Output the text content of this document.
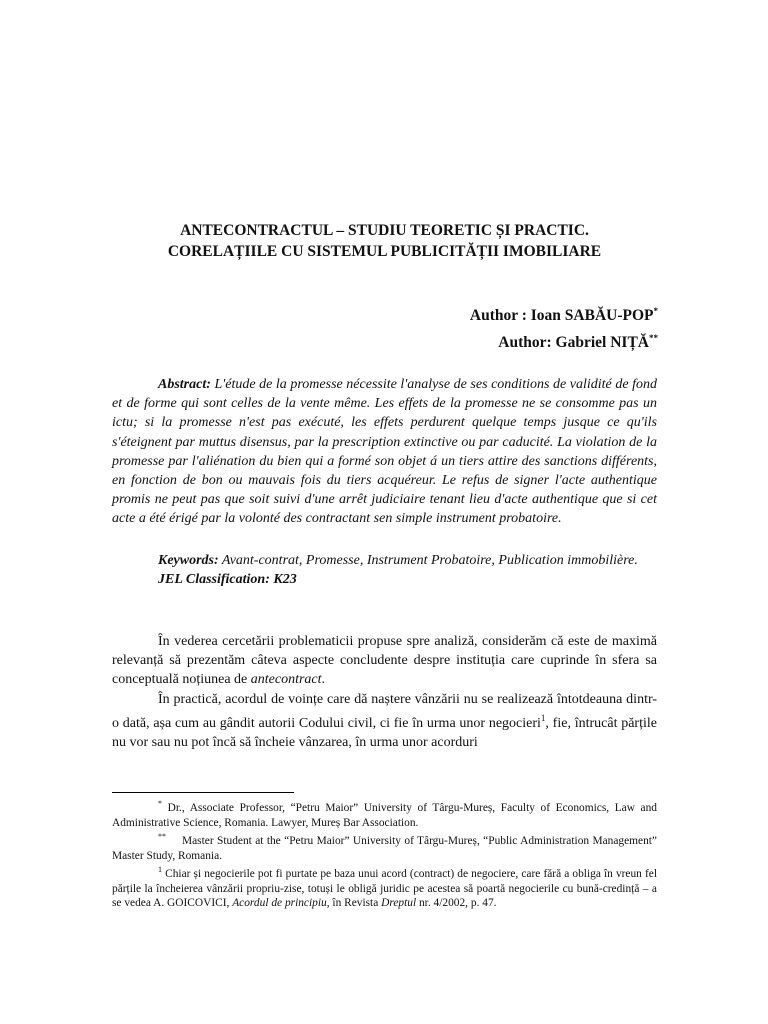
ANTECONTRACTUL – STUDIU TEORETIC ȘI PRACTIC.
CORELAȚIILE CU SISTEMUL PUBLICITĂȚII IMOBILIARE
Author : Ioan SABĂU-POP*
Author: Gabriel NIȚĂ**

Abstract: L'étude de la promesse nécessite l'analyse de ses conditions de validité de fond et de forme qui sont celles de la vente même. Les effets de la promesse ne se consomme pas un ictu; si la promesse n'est pas exécuté, les effets perdurent quelque temps jusque ce qu'ils s'éteignent par muttus disensus, par la prescription extinctive ou par caducité. La violation de la promesse par l'aliénation du bien qui a formé son objet á un tiers attire des sanctions différents, en fonction de bon ou mauvais fois du tiers acquéreur. Le refus de signer l'acte authentique promis ne peut pas que soit suivi d'une arrêt judiciaire tenant lieu d'acte authentique que si cet acte a été érigé par la volonté des contractant sen simple instrument probatoire.

Keywords: Avant-contrat, Promesse, Instrument Probatoire, Publication immobilière.

JEL Classification: K23

În vederea cercetării problematicii propuse spre analiză, considerăm că este de maximă relevanță să prezentăm câteva aspecte concludente despre instituția care cuprinde în sfera sa conceptuală noțiunea de antecontract.

În practică, acordul de voințe care dă naștere vânzării nu se realizează întotdeauna dintr-o dată, așa cum au gândit autorii Codului civil, ci fie în urma unor negocieri$^1$, fie, întrucât părțile nu vor sau nu pot încă să încheie vânzarea, în urma unor acorduri

* Dr., Associate Professor, “Petru Maior” University of Târgu-Mureș, Faculty of Economics, Law and Administrative Science, Romania. Lawyer, Mureș Bar Association.

** Master Student at the “Petru Maior” University of Târgu-Mureș, “Public Administration Management” Master Study, Romania.

$^1$ Chiar și negocierile pot fi purtate pe baza unui acord (contract) de negociere, care fără a obliga în vreun fel părțile la încheierea vânzării propriu-zise, totuși le obligă juridic pe acestea să poartă negocierile cu bună-credință – a se vedea A. GOICOVICI, Acordul de principiu, în Revista Dreptul nr. 4/2002, p. 47.
